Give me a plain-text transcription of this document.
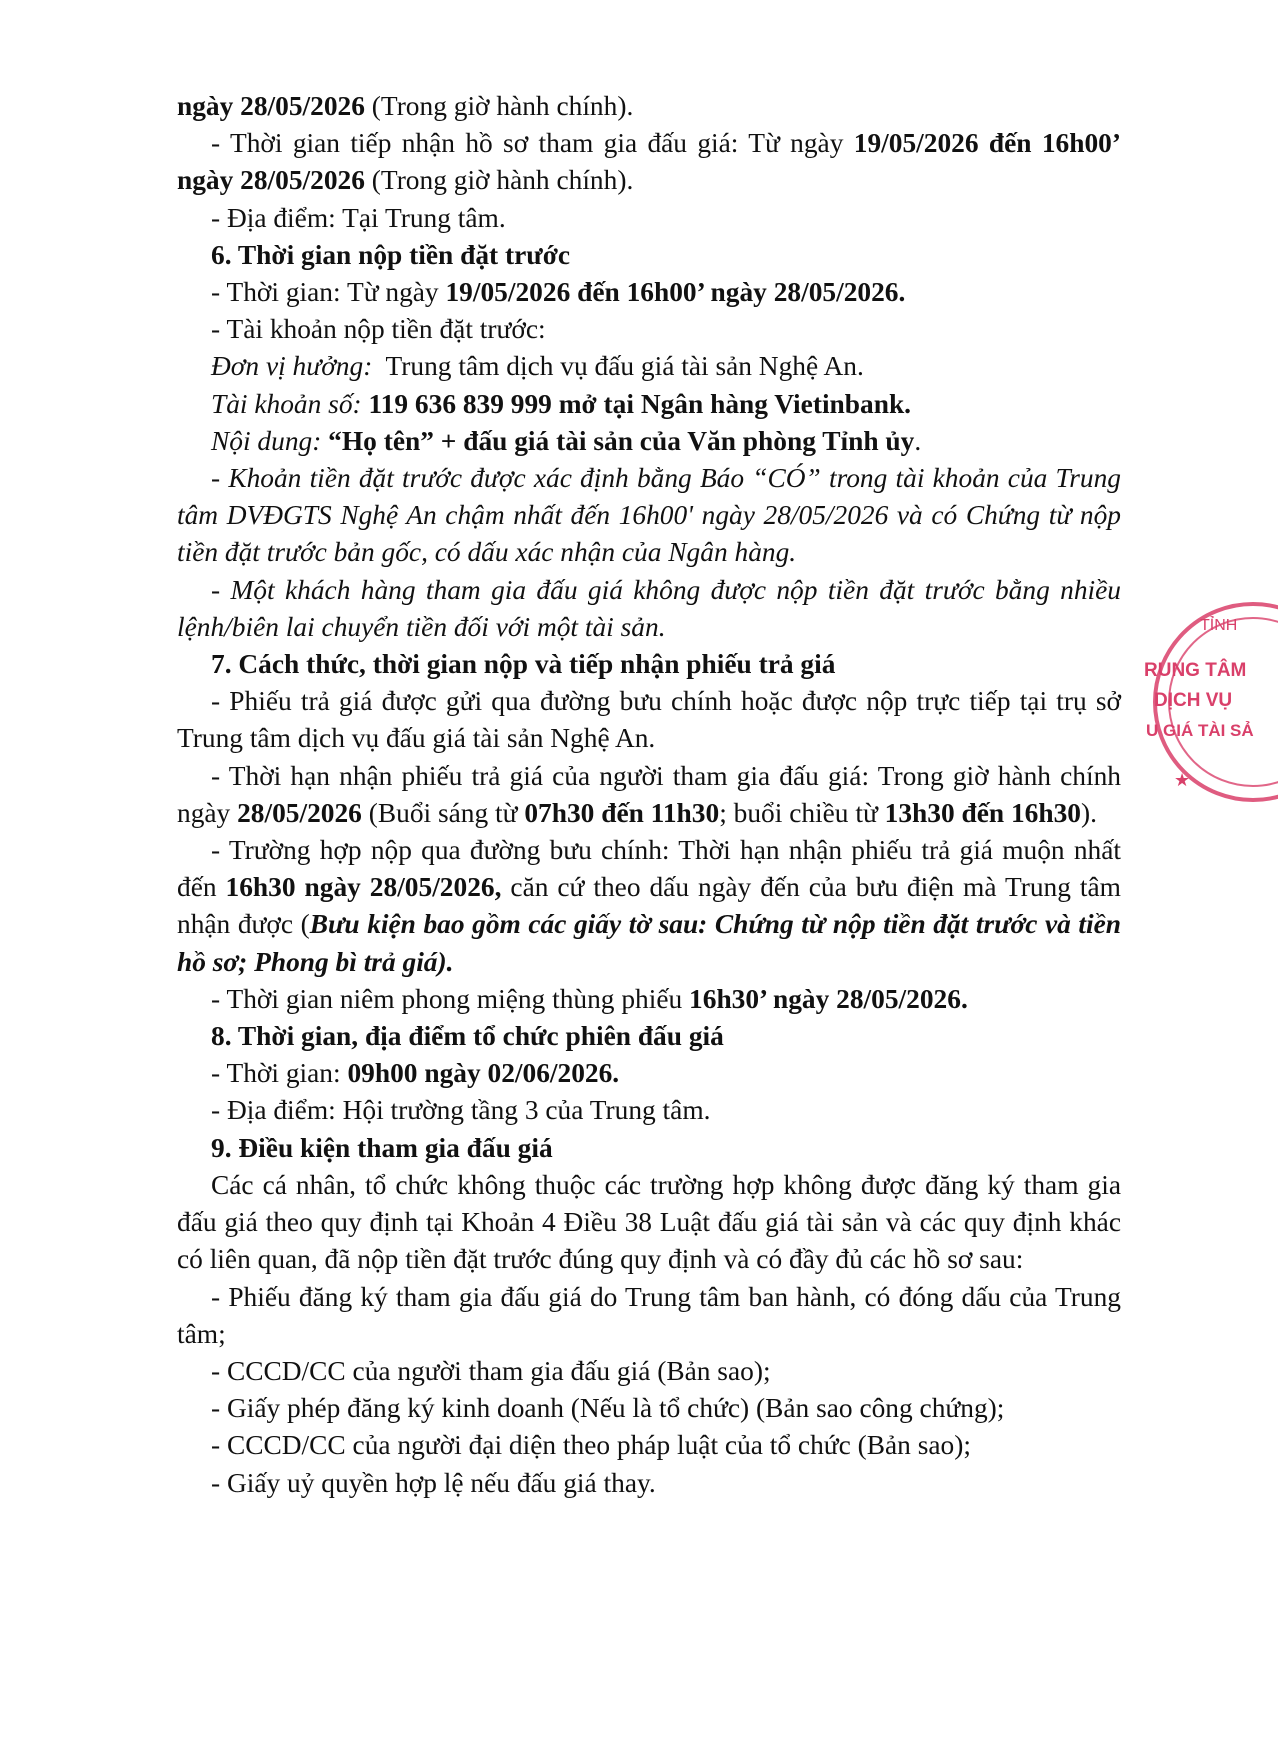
ngày 28/05/2026 (Trong giờ hành chính).

- Thời gian tiếp nhận hồ sơ tham gia đấu giá: Từ ngày 19/05/2026 đến 16h00’ ngày 28/05/2026 (Trong giờ hành chính).

- Địa điểm: Tại Trung tâm.

6. Thời gian nộp tiền đặt trước

- Thời gian: Từ ngày 19/05/2026 đến 16h00’ ngày 28/05/2026.

- Tài khoản nộp tiền đặt trước:

Đơn vị hưởng:  Trung tâm dịch vụ đấu giá tài sản Nghệ An.

Tài khoản số: 119 636 839 999 mở tại Ngân hàng Vietinbank.

Nội dung: “Họ tên” + đấu giá tài sản của Văn phòng Tỉnh ủy.

- Khoản tiền đặt trước được xác định bằng Báo “CÓ” trong tài khoản của Trung tâm DVĐGTS Nghệ An chậm nhất đến 16h00' ngày 28/05/2026 và có Chứng từ nộp tiền đặt trước bản gốc, có dấu xác nhận của Ngân hàng.

- Một khách hàng tham gia đấu giá không được nộp tiền đặt trước bằng nhiều lệnh/biên lai chuyển tiền đối với một tài sản.

7. Cách thức, thời gian nộp và tiếp nhận phiếu trả giá

- Phiếu trả giá được gửi qua đường bưu chính hoặc được nộp trực tiếp tại trụ sở Trung tâm dịch vụ đấu giá tài sản Nghệ An.

- Thời hạn nhận phiếu trả giá của người tham gia đấu giá: Trong giờ hành chính ngày 28/05/2026 (Buổi sáng từ 07h30 đến 11h30; buổi chiều từ 13h30 đến 16h30).

- Trường hợp nộp qua đường bưu chính: Thời hạn nhận phiếu trả giá muộn nhất đến 16h30 ngày 28/05/2026, căn cứ theo dấu ngày đến của bưu điện mà Trung tâm nhận được (Bưu kiện bao gồm các giấy tờ sau: Chứng từ nộp tiền đặt trước và tiền hồ sơ; Phong bì trả giá).

- Thời gian niêm phong miệng thùng phiếu 16h30’ ngày 28/05/2026.

8. Thời gian, địa điểm tổ chức phiên đấu giá

- Thời gian: 09h00 ngày 02/06/2026.

- Địa điểm: Hội trường tầng 3 của Trung tâm.

9. Điều kiện tham gia đấu giá

Các cá nhân, tổ chức không thuộc các trường hợp không được đăng ký tham gia đấu giá theo quy định tại Khoản 4 Điều 38 Luật đấu giá tài sản và các quy định khác có liên quan, đã nộp tiền đặt trước đúng quy định và có đầy đủ các hồ sơ sau:

- Phiếu đăng ký tham gia đấu giá do Trung tâm ban hành, có đóng dấu của Trung tâm;

- CCCD/CC của người tham gia đấu giá (Bản sao);

- Giấy phép đăng ký kinh doanh (Nếu là tổ chức) (Bản sao công chứng);

- CCCD/CC của người đại diện theo pháp luật của tổ chức (Bản sao);

- Giấy uỷ quyền hợp lệ nếu đấu giá thay.

TỈNH
RUNG TÂM
DỊCH VỤ
U GIÁ TÀI SẢ
★
